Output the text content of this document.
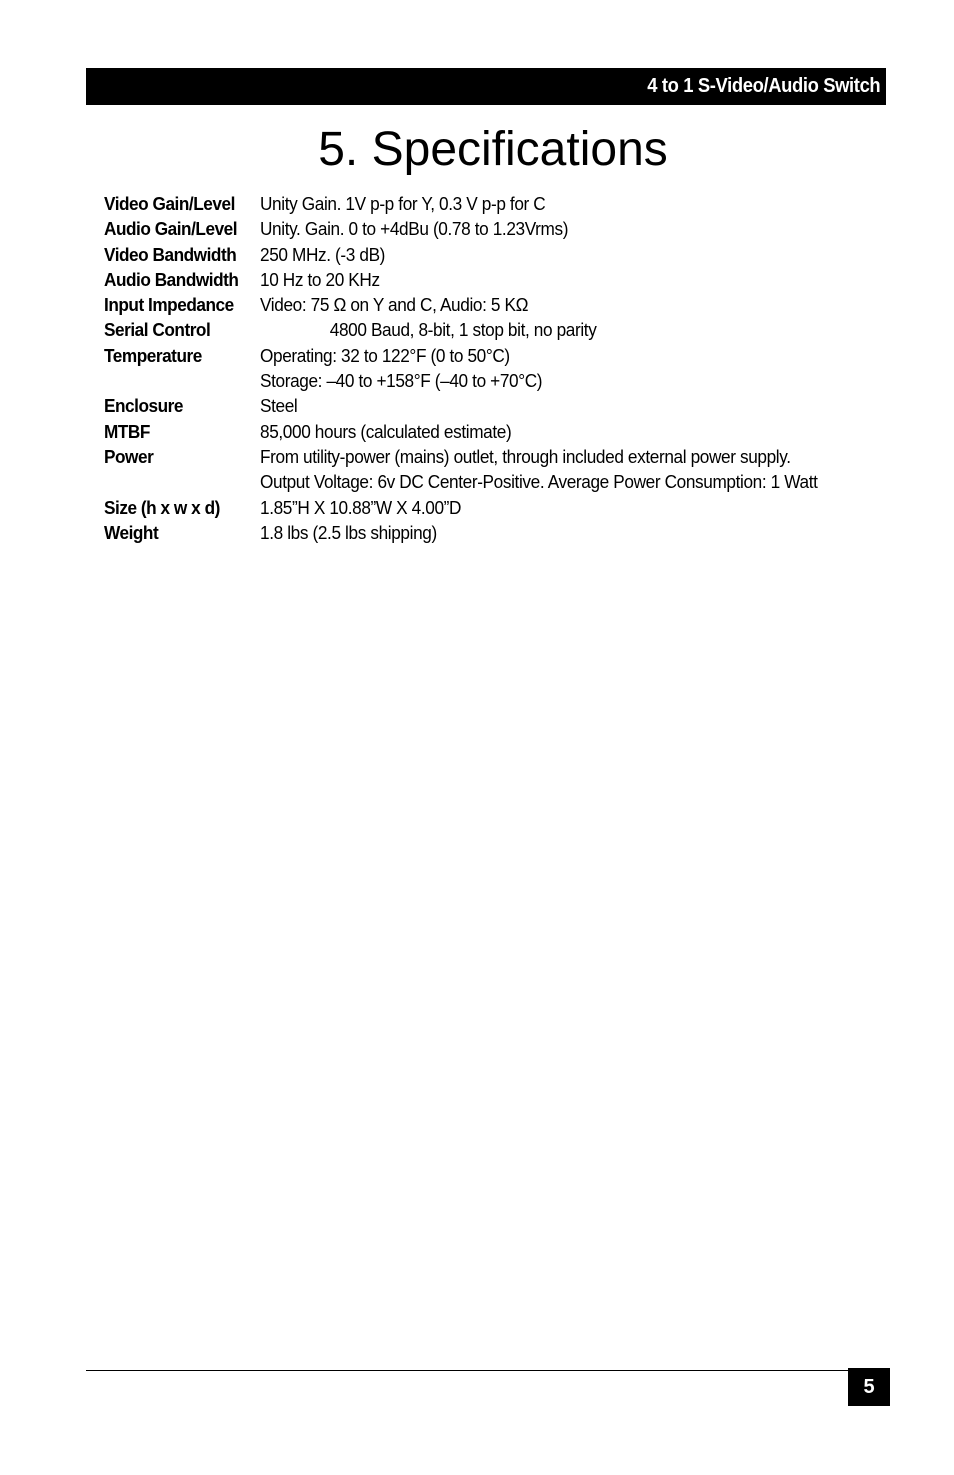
4 to 1 S-Video/Audio Switch
5. Specifications
Video Gain/Level	Unity Gain. 1V p-p for Y, 0.3 V p-p for C
Audio Gain/Level	Unity. Gain. 0 to +4dBu (0.78 to 1.23Vrms)
Video Bandwidth	250 MHz. (-3 dB)
Audio Bandwidth	10 Hz to 20 KHz
Input Impedance	Video: 75 Ω on Y and C, Audio: 5 KΩ
Serial Control	4800 Baud, 8-bit, 1 stop bit, no parity
Temperature	Operating: 32 to 122°F (0 to 50°C)
Storage: –40 to +158°F (–40 to +70°C)
Enclosure	Steel
MTBF	85,000 hours (calculated estimate)
Power	From utility-power (mains) outlet, through included external power supply.
Output Voltage: 6v DC Center-Positive. Average Power Consumption: 1 Watt
Size (h x w x d)	1.85”H X 10.88”W X 4.00”D
Weight	1.8 lbs (2.5 lbs shipping)
5
